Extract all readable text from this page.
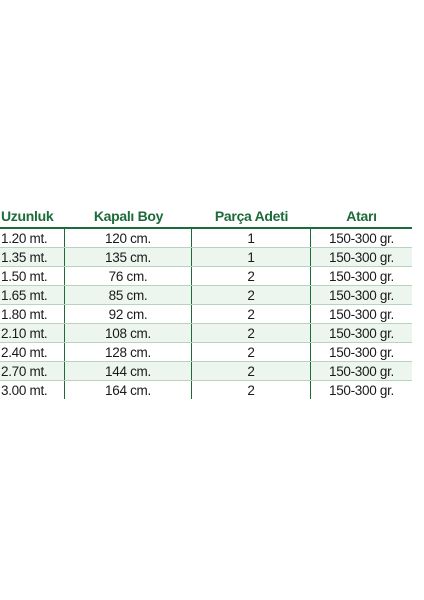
Uzunluk	Kapalı Boy	Parça Adeti	Atarı
1.20 mt.	120 cm.	1	150-300 gr.
1.35 mt.	135 cm.	1	150-300 gr.
1.50 mt.	76 cm.	2	150-300 gr.
1.65 mt.	85 cm.	2	150-300 gr.
1.80 mt.	92 cm.	2	150-300 gr.
2.10 mt.	108 cm.	2	150-300 gr.
2.40 mt.	128 cm.	2	150-300 gr.
2.70 mt.	144 cm.	2	150-300 gr.
3.00 mt.	164 cm.	2	150-300 gr.
